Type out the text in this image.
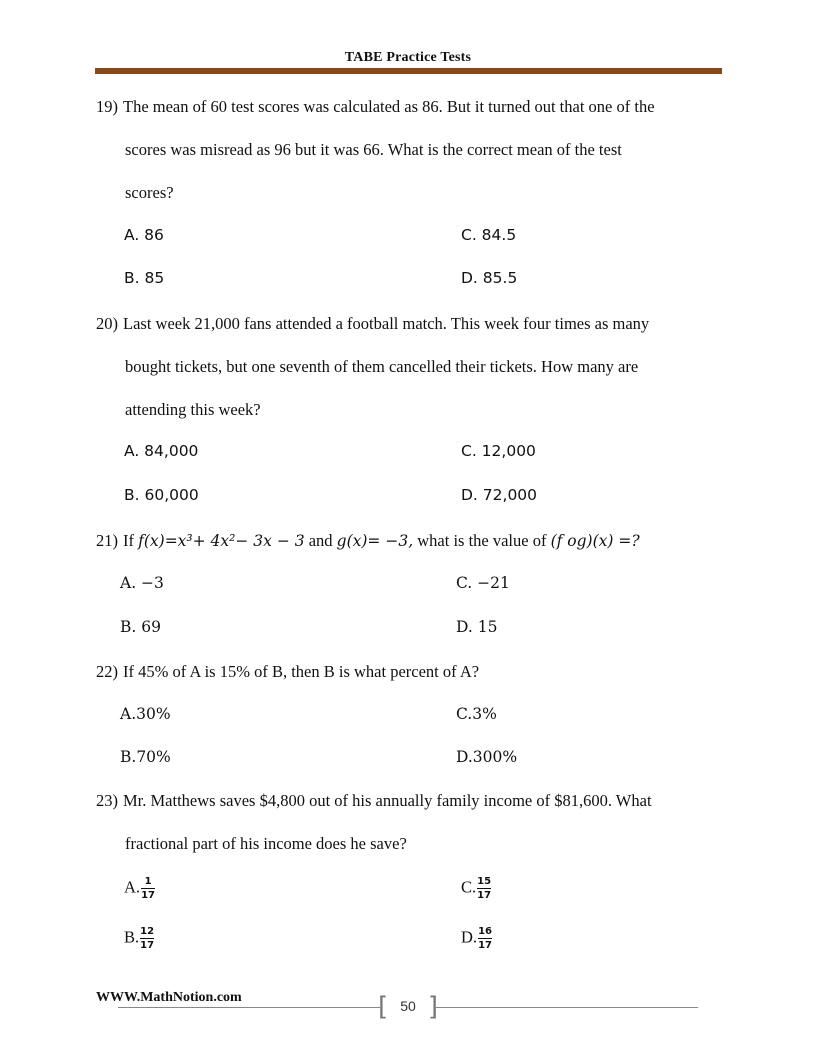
TABE Practice Tests
19) The mean of 60 test scores was calculated as 86. But it turned out that one of the
scores was misread as 96 but it was 66. What is the correct mean of the test
scores?
A. 86	C. 84.5
B. 85	D. 85.5
20) Last week 21,000 fans attended a football match. This week four times as many
bought tickets, but one seventh of them cancelled their tickets. How many are
attending this week?
A. 84,000	C. 12,000
B. 60,000	D. 72,000
21) If f(x)=x³+ 4x²− 3x − 3 and g(x)= −3, what is the value of (f og)(x) =?
A. −3	C. −21
B. 69	D. 15
22) If 45% of A is 15% of B, then B is what percent of A?
A.30%	C.3%
B.70%	D.300%
23) Mr. Matthews saves $4,800 out of his annually family income of $81,600. What
fractional part of his income does he save?
A. $\frac{1}{17}$	C. $\frac{15}{17}$
B. $\frac{12}{17}$	D. $\frac{16}{17}$
WWW.MathNotion.com	[ 50 ]
